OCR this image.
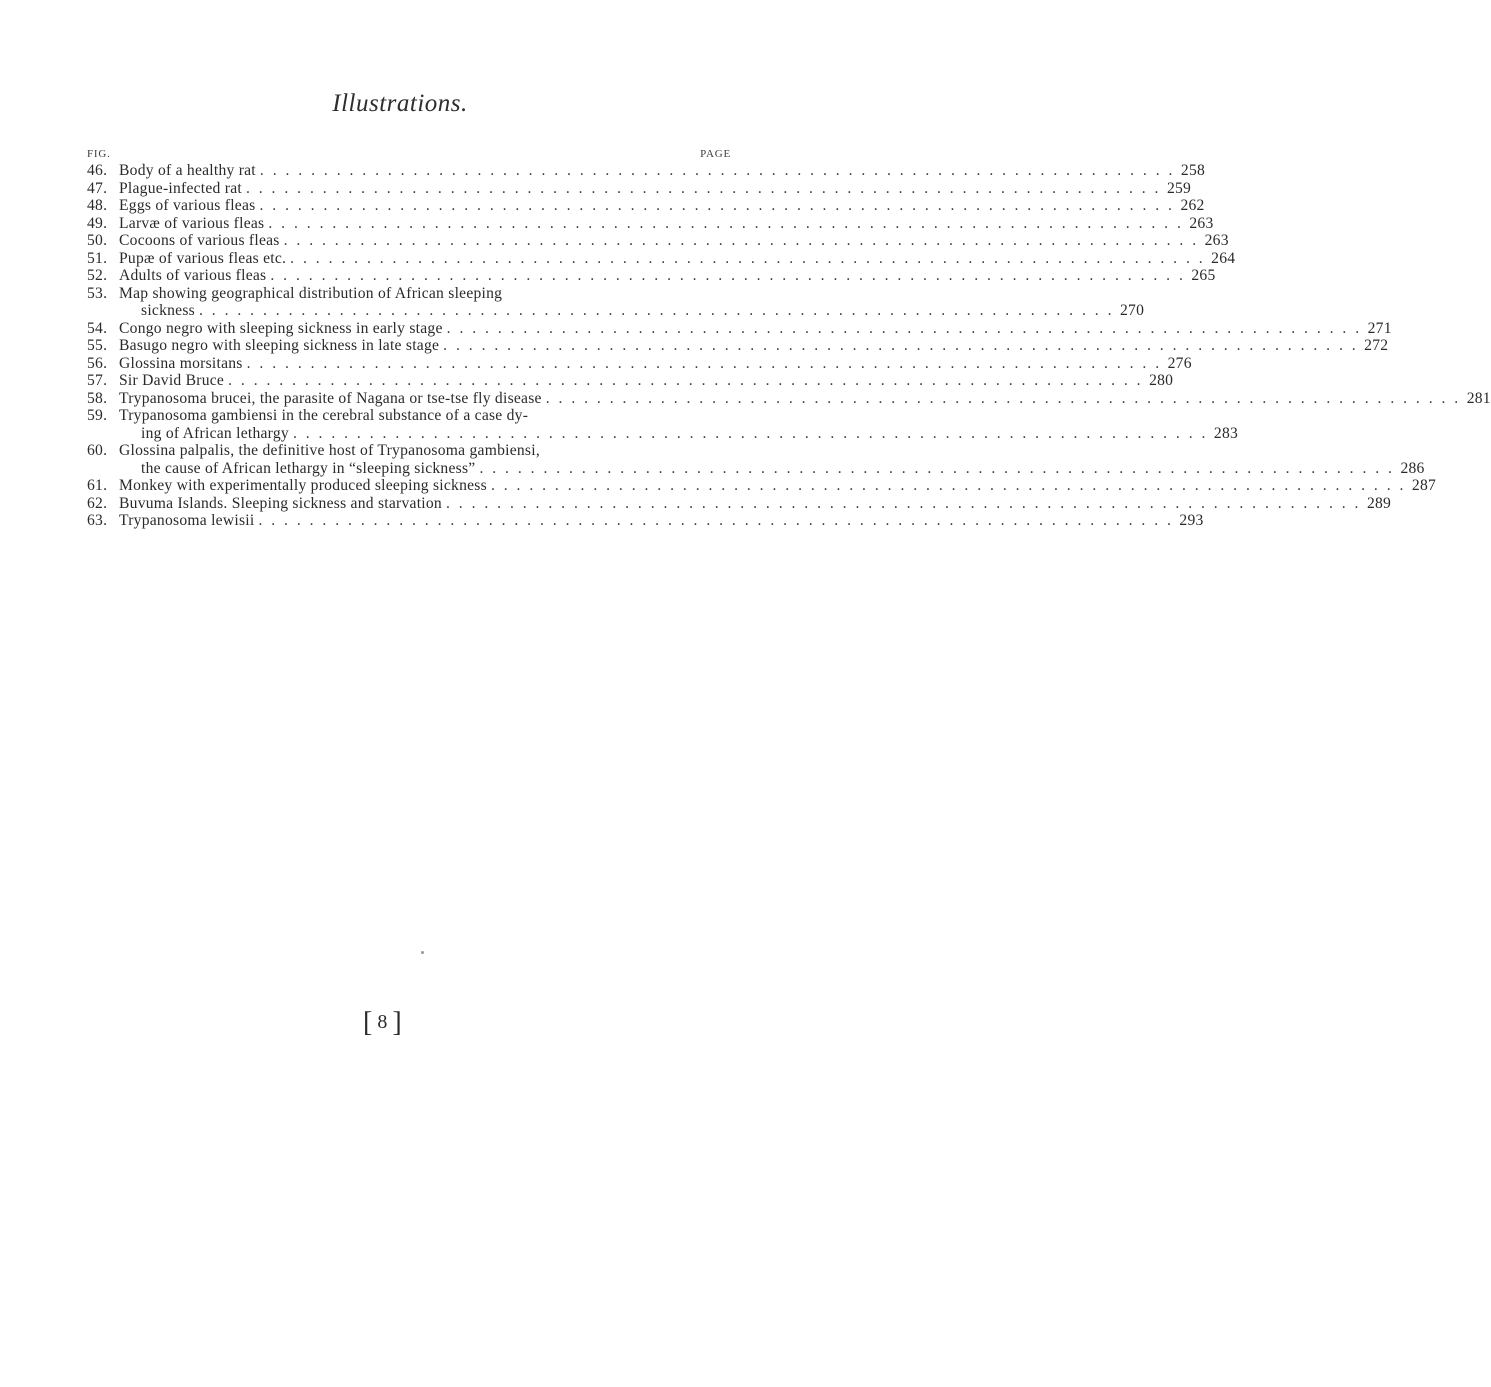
Illustrations.
FIG.	PAGE
46. Body of a healthy rat . . . . . . . . . . . . . . . . . . . . . . . . . . . . . . . . . . . . . . . . . . . . . . . . . . . . . . . . . . . . . . . . . . . . . . . . 258
47. Plague-infected rat . . . . . . . . . . . . . . . . . . . . . . . . . . . . . . . . . . . . . . . . . . . . . . . . . . . . . . . . . . . . . . . . . . . . . . . . 259
48. Eggs of various fleas . . . . . . . . . . . . . . . . . . . . . . . . . . . . . . . . . . . . . . . . . . . . . . . . . . . . . . . . . . . . . . . . . . . . . . . . 262
49. Larvæ of various fleas . . . . . . . . . . . . . . . . . . . . . . . . . . . . . . . . . . . . . . . . . . . . . . . . . . . . . . . . . . . . . . . . . . . . . . . . 263
50. Cocoons of various fleas . . . . . . . . . . . . . . . . . . . . . . . . . . . . . . . . . . . . . . . . . . . . . . . . . . . . . . . . . . . . . . . . . . . . . . . . 263
51. Pupæ of various fleas etc. . . . . . . . . . . . . . . . . . . . . . . . . . . . . . . . . . . . . . . . . . . . . . . . . . . . . . . . . . . . . . . . . . . . . . . . . 264
52. Adults of various fleas . . . . . . . . . . . . . . . . . . . . . . . . . . . . . . . . . . . . . . . . . . . . . . . . . . . . . . . . . . . . . . . . . . . . . . . . 265
53. Map showing geographical distribution of African sleeping
sickness . . . . . . . . . . . . . . . . . . . . . . . . . . . . . . . . . . . . . . . . . . . . . . . . . . . . . . . . . . . . . . . . . . . . . . . . 270
54. Congo negro with sleeping sickness in early stage . . . . . . . . . . . . . . . . . . . . . . . . . . . . . . . . . . . . . . . . . . . . . . . . . . . . . . . . . . . . . . . . . . . . . . . . 271
55. Basugo negro with sleeping sickness in late stage . . . . . . . . . . . . . . . . . . . . . . . . . . . . . . . . . . . . . . . . . . . . . . . . . . . . . . . . . . . . . . . . . . . . . . . . 272
56. Glossina morsitans . . . . . . . . . . . . . . . . . . . . . . . . . . . . . . . . . . . . . . . . . . . . . . . . . . . . . . . . . . . . . . . . . . . . . . . . 276
57. Sir David Bruce . . . . . . . . . . . . . . . . . . . . . . . . . . . . . . . . . . . . . . . . . . . . . . . . . . . . . . . . . . . . . . . . . . . . . . . . 280
58. Trypanosoma brucei, the parasite of Nagana or tse-tse fly disease . . . . . . . . . . . . . . . . . . . . . . . . . . . . . . . . . . . . . . . . . . . . . . . . . . . . . . . . . . . . . . . . . . . . . . . . 281
59. Trypanosoma gambiensi in the cerebral substance of a case dy-
ing of African lethargy . . . . . . . . . . . . . . . . . . . . . . . . . . . . . . . . . . . . . . . . . . . . . . . . . . . . . . . . . . . . . . . . . . . . . . . . 283
60. Glossina palpalis, the definitive host of Trypanosoma gambiensi,
the cause of African lethargy in “sleeping sickness” . . . . . . . . . . . . . . . . . . . . . . . . . . . . . . . . . . . . . . . . . . . . . . . . . . . . . . . . . . . . . . . . . . . . . . . . 286
61. Monkey with experimentally produced sleeping sickness . . . . . . . . . . . . . . . . . . . . . . . . . . . . . . . . . . . . . . . . . . . . . . . . . . . . . . . . . . . . . . . . . . . . . . . . 287
62. Buvuma Islands. Sleeping sickness and starvation . . . . . . . . . . . . . . . . . . . . . . . . . . . . . . . . . . . . . . . . . . . . . . . . . . . . . . . . . . . . . . . . . . . . . . . . 289
63. Trypanosoma lewisii . . . . . . . . . . . . . . . . . . . . . . . . . . . . . . . . . . . . . . . . . . . . . . . . . . . . . . . . . . . . . . . . . . . . . . . . 293
[ 8 ]
